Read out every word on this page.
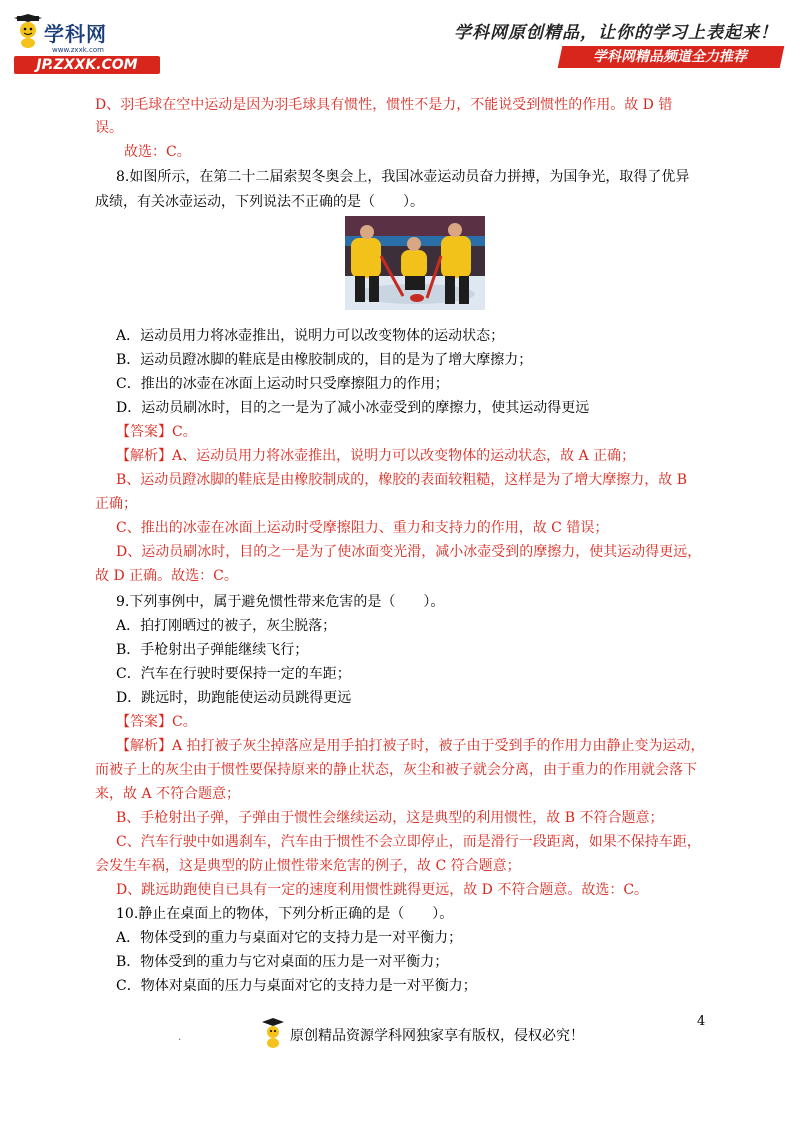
学科网
www.zxxk.com
JP.ZXXK.COM
学科网原创精品，让你的学习上表起来！
学科网精品频道全力推荐
D、羽毛球在空中运动是因为羽毛球具有惯性，惯性不是力，不能说受到惯性的作用。故 D 错
误。
故选：C。
8.如图所示，在第二十二届索契冬奥会上，我国冰壶运动员奋力拼搏，为国争光，取得了优异
成绩，有关冰壶运动，下列说法不正确的是（　　）。
A．运动员用力将冰壶推出，说明力可以改变物体的运动状态；
B．运动员蹬冰脚的鞋底是由橡胶制成的，目的是为了增大摩擦力；
C．推出的冰壶在冰面上运动时只受摩擦阻力的作用；
D．运动员刷冰时，目的之一是为了减小冰壶受到的摩擦力，使其运动得更远
【答案】C。
【解析】A、运动员用力将冰壶推出，说明力可以改变物体的运动状态，故 A 正确；
B、运动员蹬冰脚的鞋底是由橡胶制成的，橡胶的表面较粗糙，这样是为了增大摩擦力，故 B
正确；
C、推出的冰壶在冰面上运动时受摩擦阻力、重力和支持力的作用，故 C 错误；
D、运动员刷冰时，目的之一是为了使冰面变光滑，减小冰壶受到的摩擦力，使其运动得更远，
故 D 正确。故选：C。
9.下列事例中，属于避免惯性带来危害的是（　　）。
A．拍打刚晒过的被子，灰尘脱落；
B．手枪射出子弹能继续飞行；
C．汽车在行驶时要保持一定的车距；
D．跳远时，助跑能使运动员跳得更远
【答案】C。
【解析】A 拍打被子灰尘掉落应是用手拍打被子时，被子由于受到手的作用力由静止变为运动，
而被子上的灰尘由于惯性要保持原来的静止状态，灰尘和被子就会分离，由于重力的作用就会落下
来，故 A 不符合题意；
B、手枪射出子弹，子弹由于惯性会继续运动，这是典型的利用惯性，故 B 不符合题意；
C、汽车行驶中如遇刹车，汽车由于惯性不会立即停止，而是滑行一段距离，如果不保持车距，
会发生车祸，这是典型的防止惯性带来危害的例子，故 C 符合题意；
D、跳远助跑使自已具有一定的速度利用惯性跳得更远，故 D 不符合题意。故选：C。
10.静止在桌面上的物体，下列分析正确的是（　　）。
A．物体受到的重力与桌面对它的支持力是一对平衡力；
B．物体受到的重力与它对桌面的压力是一对平衡力；
C．物体对桌面的压力与桌面对它的支持力是一对平衡力；
.	原创精品资源学科网独家享有版权，侵权必究！
4
